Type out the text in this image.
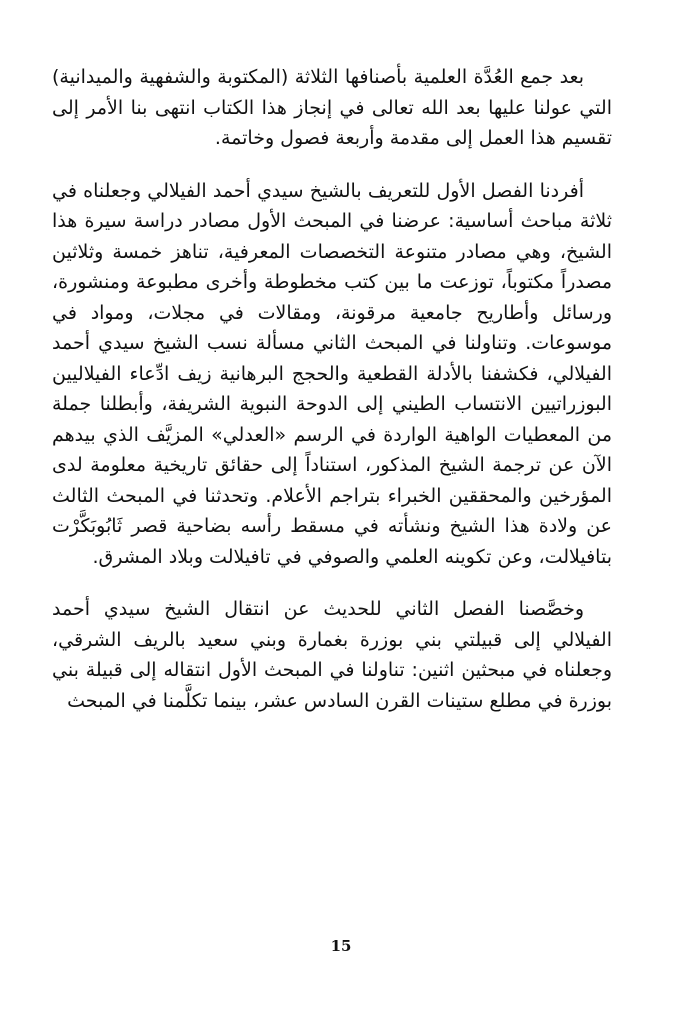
بعد جمع العُدَّة العلمية بأصنافها الثلاثة (المكتوبة والشفهية والميدانية) التي عولنا عليها بعد الله تعالى في إنجاز هذا الكتاب انتهى بنا الأمر إلى تقسيم هذا العمل إلى مقدمة وأربعة فصول وخاتمة.

أفردنا الفصل الأول للتعريف بالشيخ سيدي أحمد الفيلالي وجعلناه في ثلاثة مباحث أساسية: عرضنا في المبحث الأول مصادر دراسة سيرة هذا الشيخ، وهي مصادر متنوعة التخصصات المعرفية، تناهز خمسة وثلاثين مصدراً مكتوباً، توزعت ما بين كتب مخطوطة وأخرى مطبوعة ومنشورة، ورسائل وأطاريح جامعية مرقونة، ومقالات في مجلات، ومواد في موسوعات. وتناولنا في المبحث الثاني مسألة نسب الشيخ سيدي أحمد الفيلالي، فكشفنا بالأدلة القطعية والحجج البرهانية زيف ادِّعاء الفيلاليين البوزراتيين الانتساب الطيني إلى الدوحة النبوية الشريفة، وأبطلنا جملة من المعطيات الواهية الواردة في الرسم «العدلي» المزيَّف الذي بيدهم الآن عن ترجمة الشيخ المذكور، استناداً إلى حقائق تاريخية معلومة لدى المؤرخين والمحققين الخبراء بتراجم الأعلام. وتحدثنا في المبحث الثالث عن ولادة هذا الشيخ ونشأته في مسقط رأسه بضاحية قصر ثَابُوبَكَّرْت بتافيلالت، وعن تكوينه العلمي والصوفي في تافيلالت وبلاد المشرق.

وخصَّصنا الفصل الثاني للحديث عن انتقال الشيخ سيدي أحمد الفيلالي إلى قبيلتي بني بوزرة بغمارة وبني سعيد بالريف الشرقي، وجعلناه في مبحثين اثنين: تناولنا في المبحث الأول انتقاله إلى قبيلة بني بوزرة في مطلع ستينات القرن السادس عشر، بينما تكلَّمنا في المبحث

15
